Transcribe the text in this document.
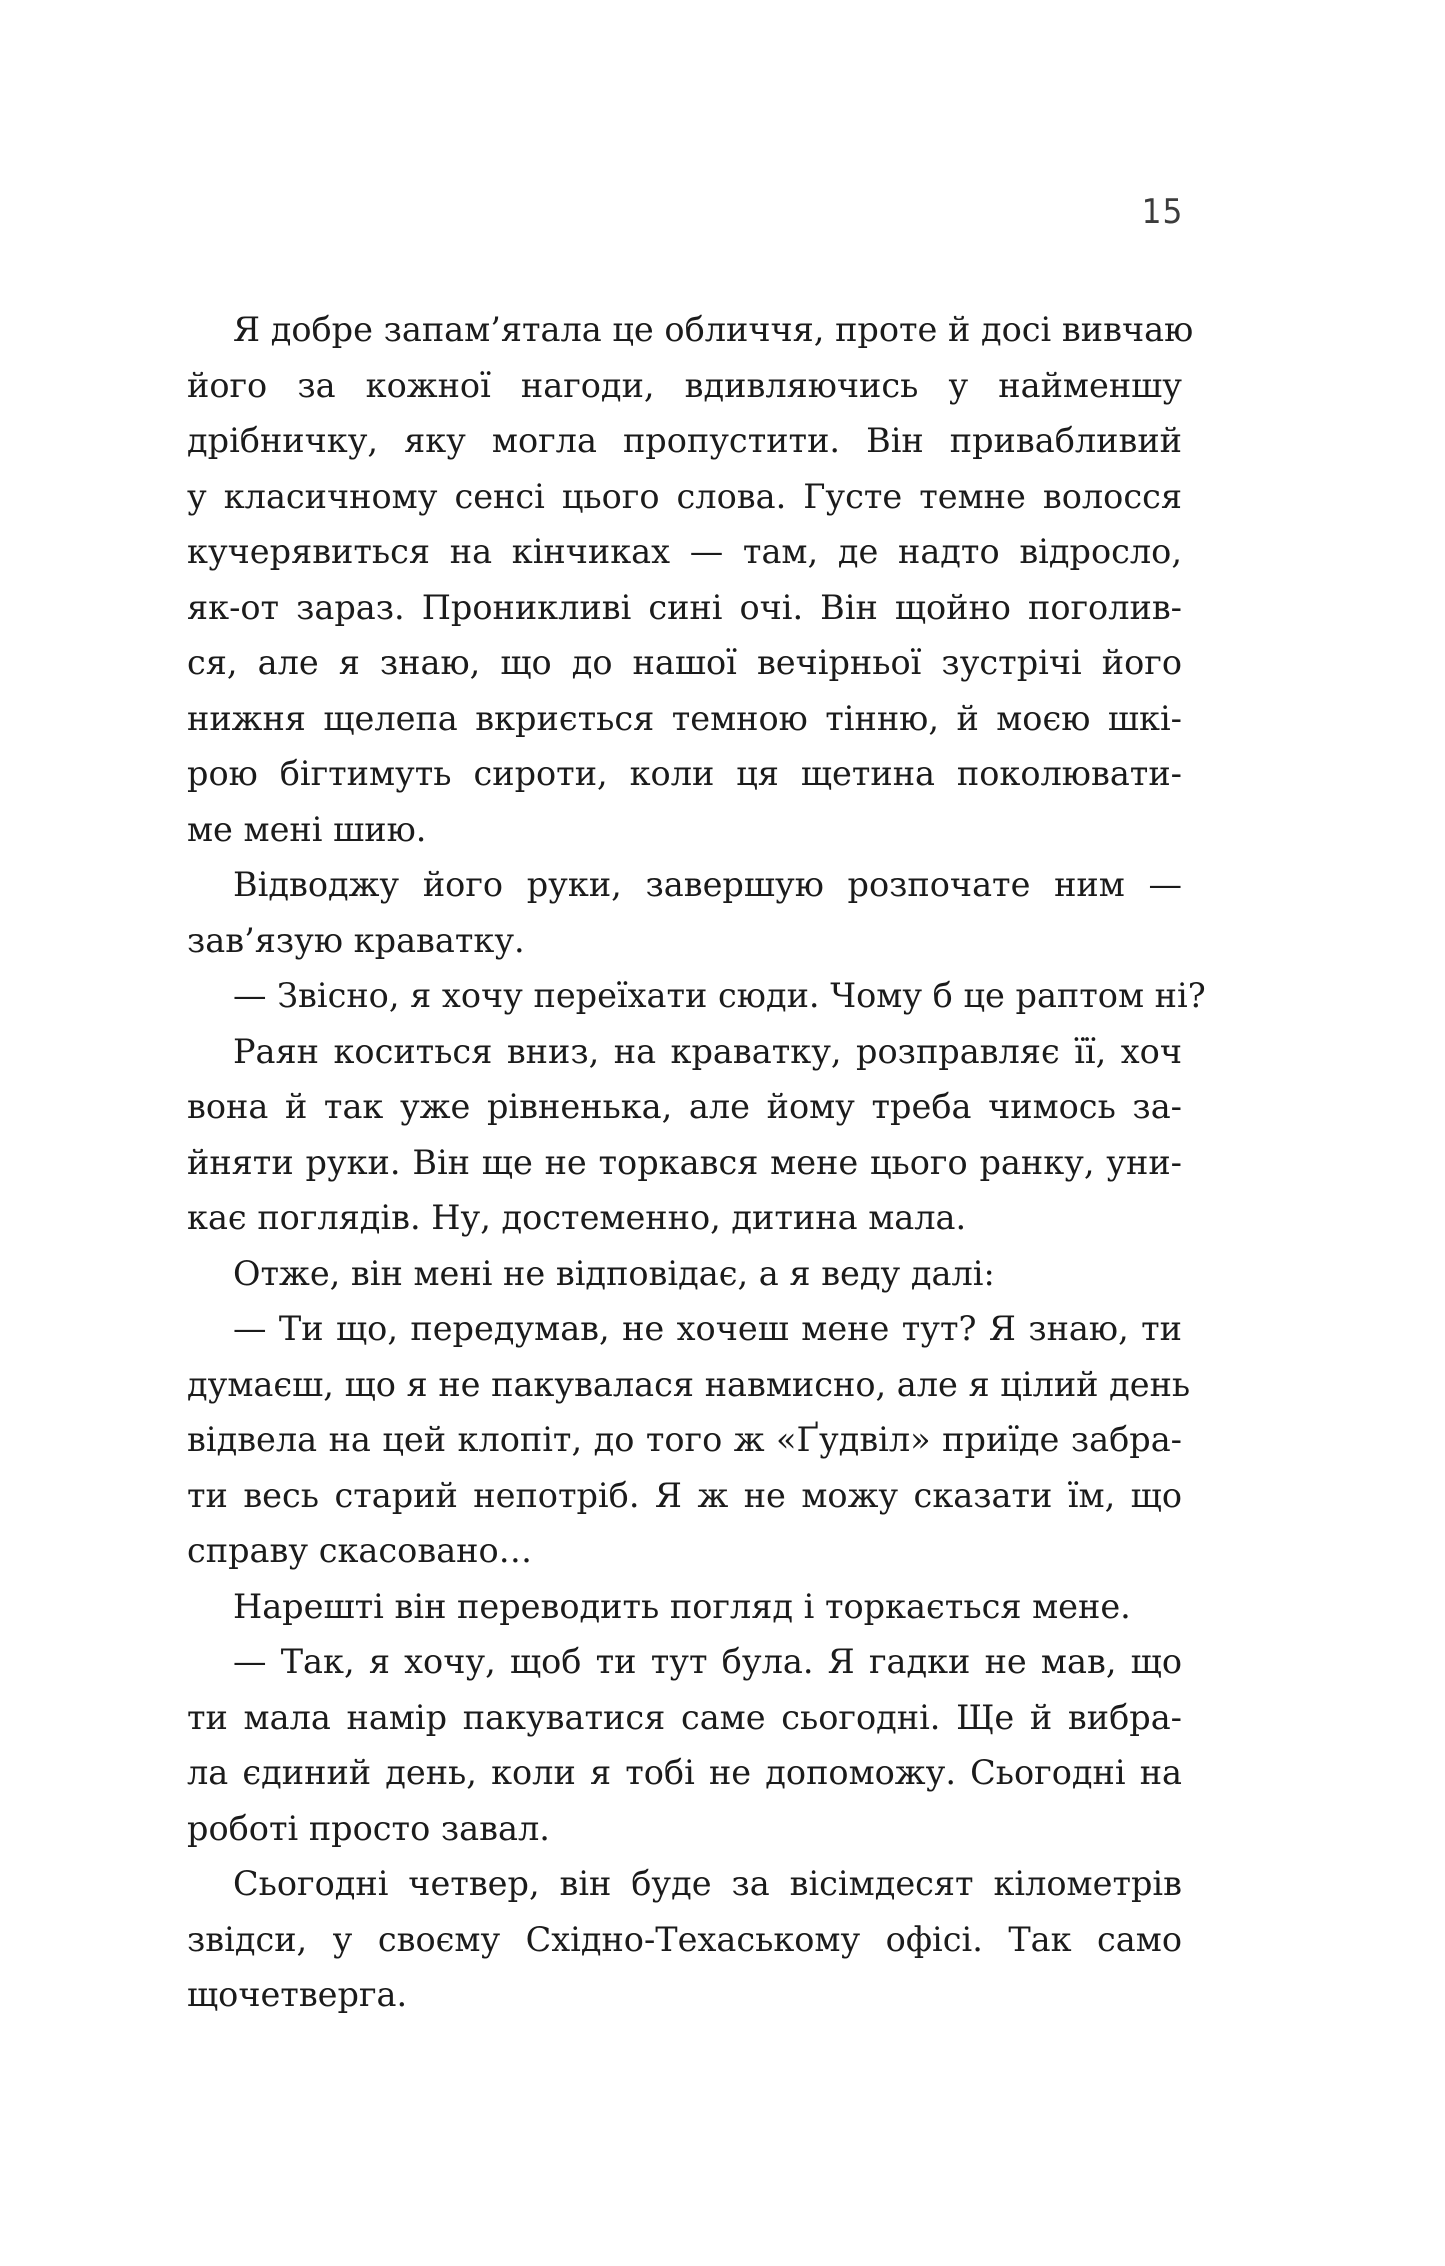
15
Я добре запам’ятала це обличчя, проте й досі вивчаю
його за кожної нагоди, вдивляючись у найменшу
дрібничку, яку могла пропустити. Він привабливий
у класичному сенсі цього слова. Густе темне волосся
кучерявиться на кінчиках — там, де надто відросло,
як-от зараз. Проникливі сині очі. Він щойно поголив-
ся, але я знаю, що до нашої вечірньої зустрічі його
нижня щелепа вкриється темною тінню, й моєю шкі-
рою бігтимуть сироти, коли ця щетина поколювати-
ме мені шию.
Відводжу його руки, завершую розпочате ним —
зав’язую краватку.
— Звісно, я хочу переїхати сюди. Чому б це раптом ні?
Раян коситься вниз, на краватку, розправляє її, хоч
вона й так уже рівненька, але йому треба чимось за-
йняти руки. Він ще не торкався мене цього ранку, уни-
кає поглядів. Ну, достеменно, дитина мала.
Отже, він мені не відповідає, а я веду далі:
— Ти що, передумав, не хочеш мене тут? Я знаю, ти
думаєш, що я не пакувалася навмисно, але я цілий день
відвела на цей клопіт, до того ж «Ґудвіл» приїде забра-
ти весь старий непотріб. Я ж не можу сказати їм, що
справу скасовано…
Нарешті він переводить погляд і торкається мене.
— Так, я хочу, щоб ти тут була. Я гадки не мав, що
ти мала намір пакуватися саме сьогодні. Ще й вибра-
ла єдиний день, коли я тобі не допоможу. Сьогодні на
роботі просто завал.
Сьогодні четвер, він буде за вісімдесят кілометрів
звідси, у своєму Східно-Техаському офісі. Так само
щочетверга.
